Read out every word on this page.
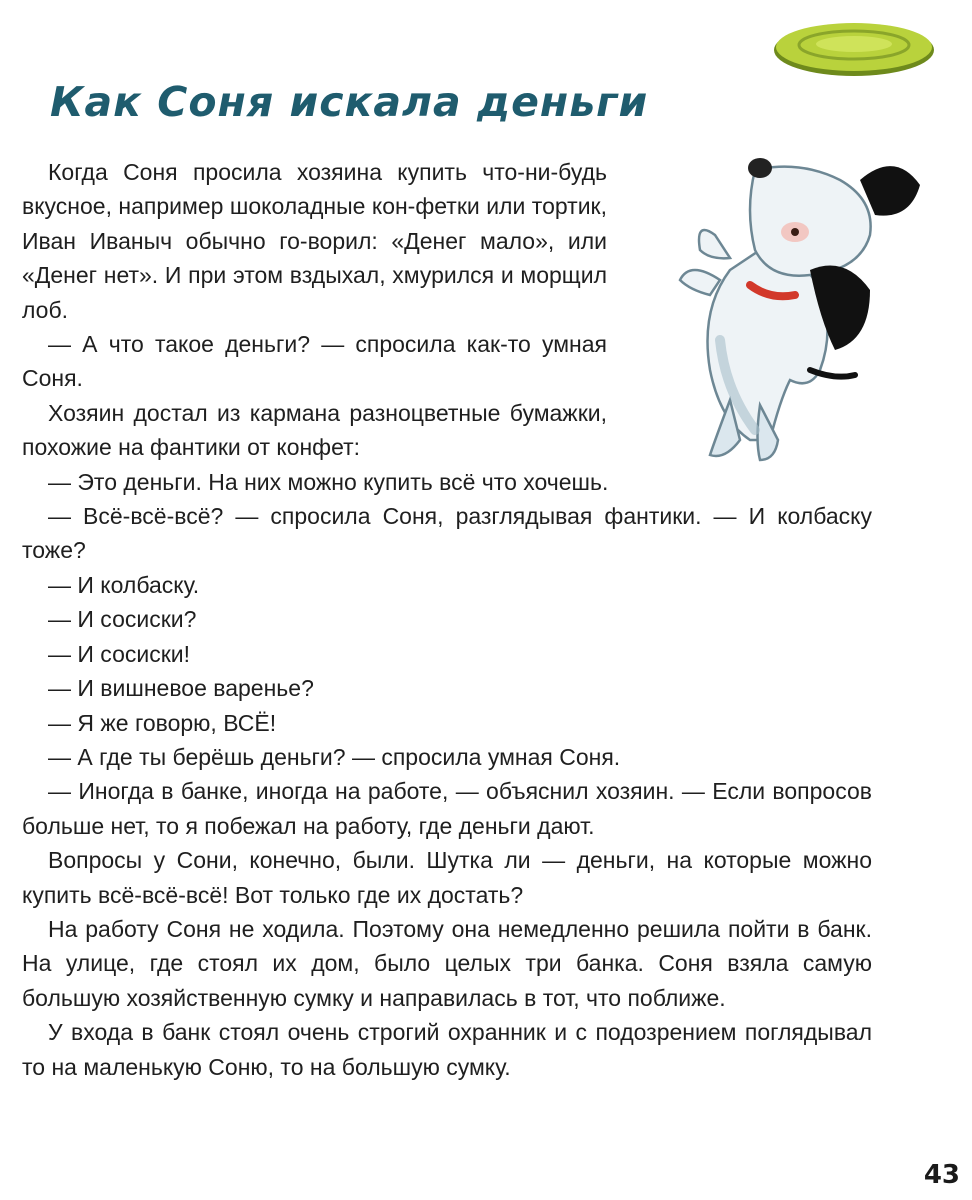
Как Соня искала деньги

Когда Соня просила хозяина купить что-ни-будь вкусное, например шоколадные кон-фетки или тортик, Иван Иваныч обычно го-ворил: «Денег мало», или «Денег нет». И при этом вздыхал, хмурился и морщил лоб.

— А что такое деньги? — спросила как-то умная Соня.

Хозяин достал из кармана разноцветные бумажки, похожие на фантики от конфет:

— Это деньги. На них можно купить всё что хочешь.

— Всё-всё-всё? — спросила Соня, разглядывая фантики. — И колбаску тоже?

— И колбаску.

— И сосиски?

— И сосиски!

— И вишневое варенье?

— Я же говорю, ВСЁ!

— А где ты берёшь деньги? — спросила умная Соня.

— Иногда в банке, иногда на работе, — объяснил хозяин. — Если вопросов больше нет, то я побежал на работу, где деньги дают.

Вопросы у Сони, конечно, были. Шутка ли — деньги, на которые можно купить всё-всё-всё! Вот только где их достать?

На работу Соня не ходила. Поэтому она немедленно решила пойти в банк. На улице, где стоял их дом, было целых три банка. Соня взяла самую большую хозяйственную сумку и направилась в тот, что поближе.

У входа в банк стоял очень строгий охранник и с подозрением поглядывал то на маленькую Соню, то на большую сумку.

43
